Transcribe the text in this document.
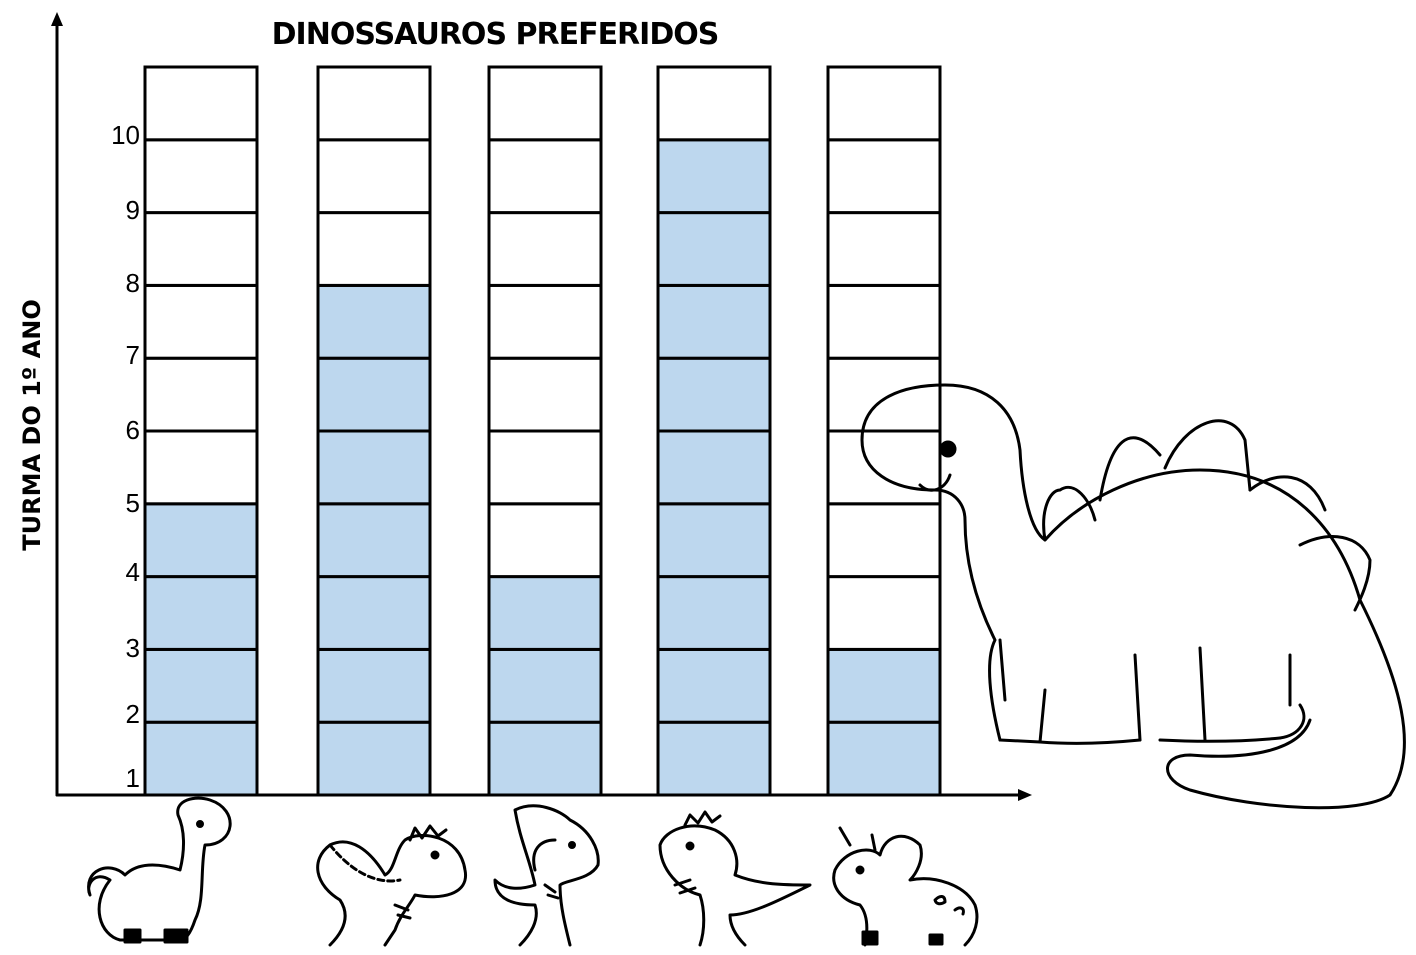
DINOSSAUROS PREFERIDOS
TURMA DO 1º ANO
1
2
3
4
5
6
7
8
9
10
